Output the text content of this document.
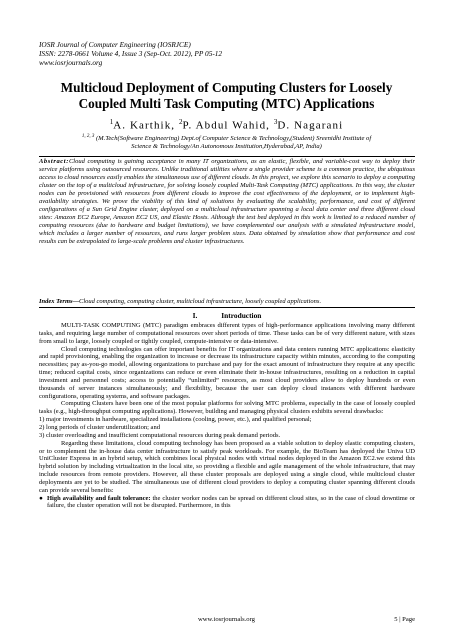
IOSR Journal of Computer Engineering (IOSRJCE)
ISSN: 2278-0661 Volume 4, Issue 3 (Sep-Oct. 2012), PP 05-12
www.iosrjournals.org
Multicloud Deployment of Computing Clusters for Loosely
Coupled Multi Task Computing (MTC) Applications
$^1$A. Karthik, $^2$P. Abdul Wahid, $^3$D. Nagarani
$^{1, 2, 3}$ (M.Tech(Software Engineering) Dept.of Computer Science & Technology,(Student) Sreenidhi Institute of
Science & Technology/An Autonomous Institution,Hyderabad,AP, India)
Abstract:Cloud computing is gaining acceptance in many IT organizations, as an elastic, flexible, and variable-cost way to deploy their service platforms using outsourced resources. Unlike traditional utilities where a single provider scheme is a common practice, the ubiquitous access to cloud resources easily enables the simultaneous use of different clouds. In this project, we explore this scenario to deploy a computing cluster on the top of a multicloud infrastructure, for solving loosely coupled Multi-Task Computing (MTC) applications. In this way, the cluster nodes can be provisioned with resources from different clouds to improve the cost effectiveness of the deployment, or to implement high-availability strategies. We prove the viability of this kind of solutions by evaluating the scalability, performance, and cost of different configurations of a Sun Grid Engine cluster, deployed on a multicloud infrastructure spanning a local data center and three different cloud sites: Amazon EC2 Europe, Amazon EC2 US, and Elastic Hosts. Although the test bed deployed in this work is limited to a reduced number of computing resources (due to hardware and budget limitations), we have complemented our analysis with a simulated infrastructure model, which includes a larger number of resources, and runs larger problem sizes. Data obtained by simulation show that performance and cost results can be extrapolated to large-scale problems and cluster infrastructures.
Index Terms—Cloud computing, computing cluster, multicloud infrastructure, loosely coupled applications.
I.	Introduction

MULTI-TASK COMPUTING (MTC) paradigm embraces different types of high-performance applications involving many different tasks, and requiring large number of computational resources over short periods of time. These tasks can be of very different nature, with sizes from small to large, loosely coupled or tightly coupled, compute-intensive or data-intensive.

Cloud computing technologies can offer important benefits for IT organizations and data centers running MTC applications: elasticity and rapid provisioning, enabling the organization to increase or decrease its infrastructure capacity within minutes, according to the computing necessities; pay as-you-go model, allowing organizations to purchase and pay for the exact amount of infrastructure they require at any specific time; reduced capital costs, since organizations can reduce or even eliminate their in-house infrastructures, resulting on a reduction in capital investment and personnel costs; access to potentially “unlimited” resources, as most cloud providers allow to deploy hundreds or even thousands of server instances simultaneously; and flexibility, because the user can deploy cloud instances with different hardware configurations, operating systems, and software packages.

Computing Clusters have been one of the most popular platforms for solving MTC problems, especially in the case of loosely coupled tasks (e.g., high-throughput computing applications). However, building and managing physical clusters exhibits several drawbacks:

1) major investments in hardware, specialized installations (cooling, power, etc.), and qualified personal;

2) long periods of cluster underutilization; and

3) cluster overloading and insufficient computational resources during peak demand periods.

Regarding these limitations, cloud computing technology has been proposed as a viable solution to deploy elastic computing clusters, or to complement the in-house data center infrastructure to satisfy peak workloads. For example, the BioTeam has deployed the Univa UD UniCluster Express in an hybrid setup, which combines local physical nodes with virtual nodes deployed in the Amazon EC2.we extend this hybrid solution by including virtualization in the local site, so providing a flexible and agile management of the whole infrastructure, that may include resources from remote providers. However, all these cluster proposals are deployed using a single cloud, while multicloud cluster deployments are yet to be studied. The simultaneous use of different cloud providers to deploy a computing cluster spanning different clouds can provide several benefits:

● High availability and fault tolerance: the cluster worker nodes can be spread on different cloud sites, so in the case of cloud downtime or failure, the cluster operation will not be disrupted. Furthermore, in this

www.iosrjournals.org	5 | Page
